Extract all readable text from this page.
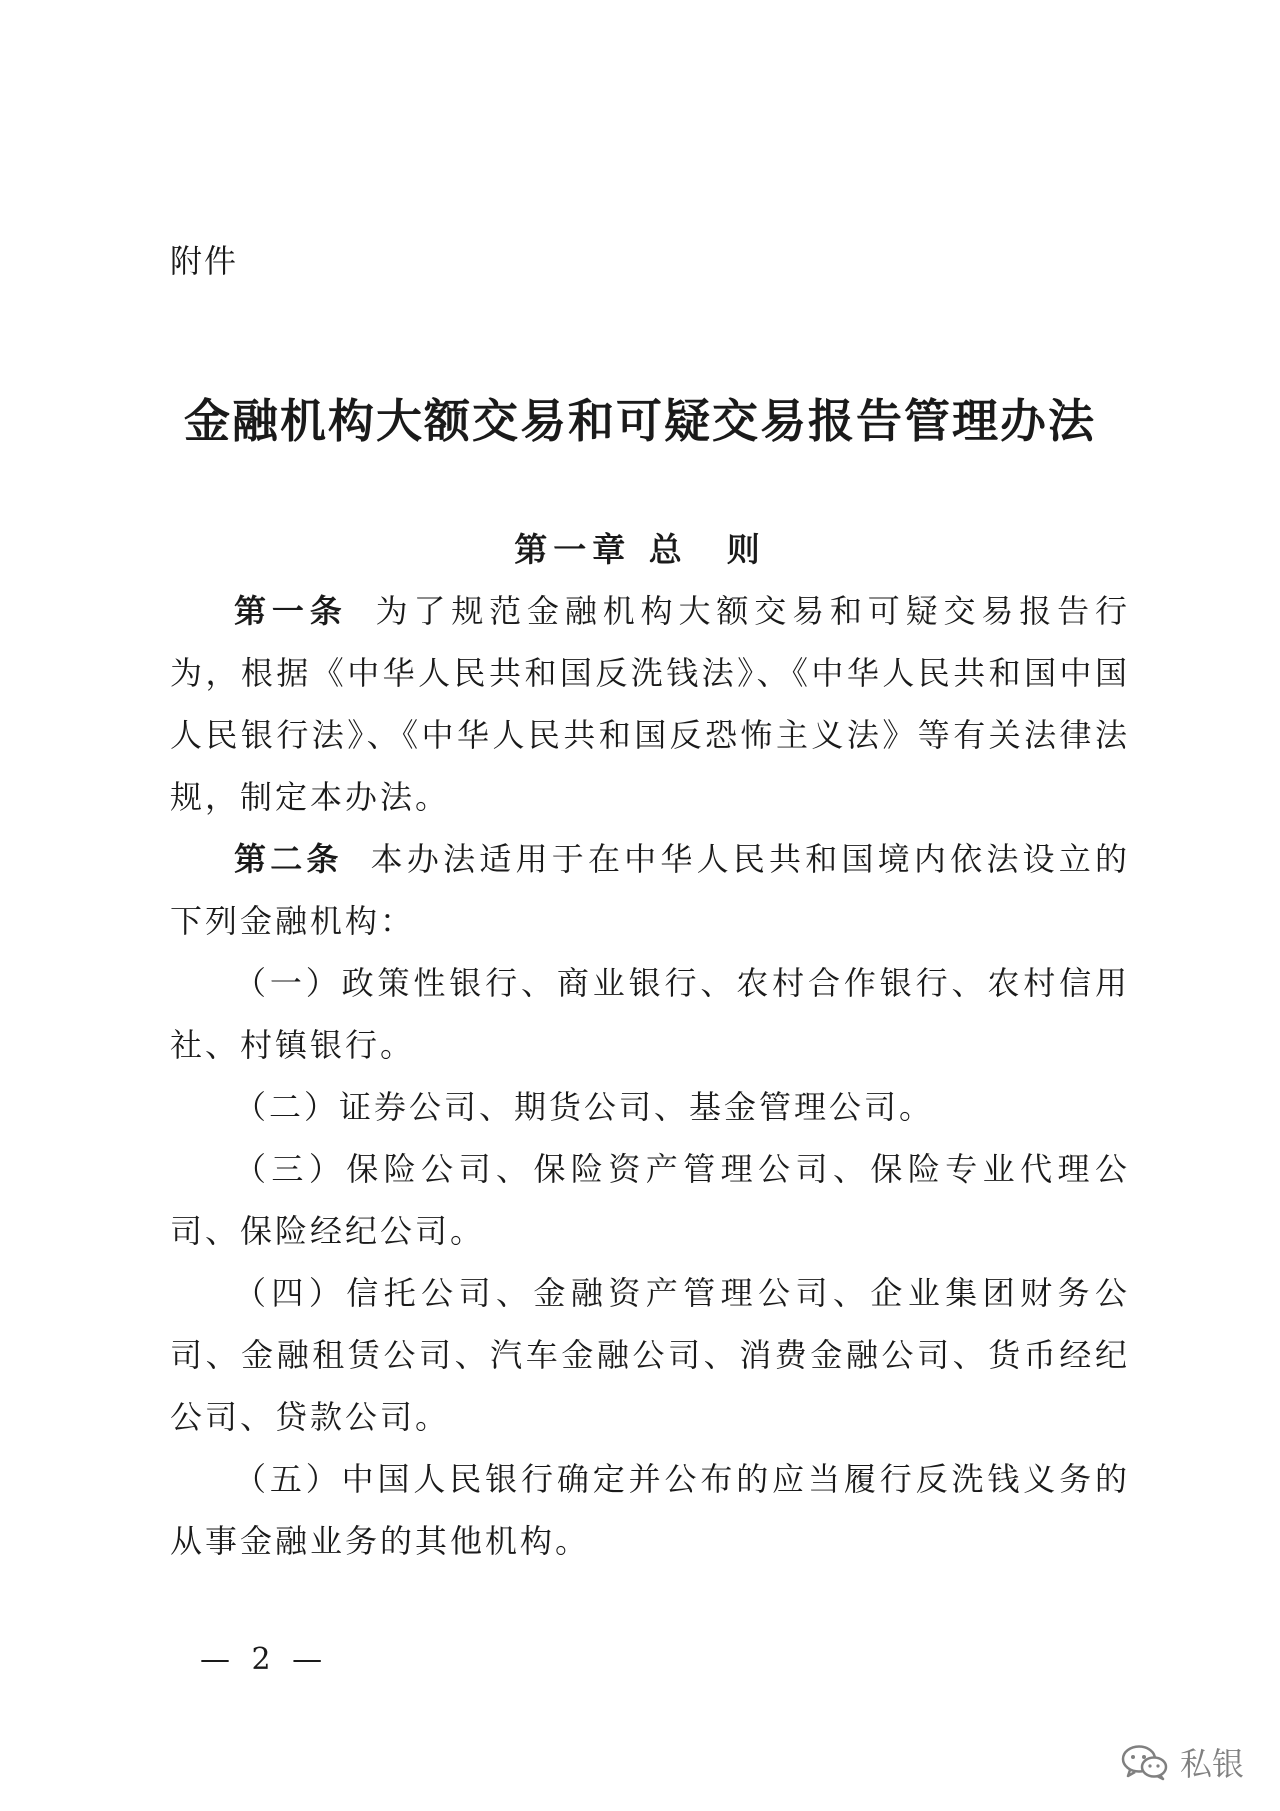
附件
金融机构大额交易和可疑交易报告管理办法
第一章 总　则

第一条 为了规范金融机构大额交易和可疑交易报告行为，根据《中华人民共和国反洗钱法》、《中华人民共和国中国人民银行法》、《中华人民共和国反恐怖主义法》等有关法律法规，制定本办法。

第二条 本办法适用于在中华人民共和国境内依法设立的下列金融机构：

（一）政策性银行、商业银行、农村合作银行、农村信用社、村镇银行。

（二）证券公司、期货公司、基金管理公司。

（三）保险公司、保险资产管理公司、保险专业代理公司、保险经纪公司。

（四）信托公司、金融资产管理公司、企业集团财务公司、金融租赁公司、汽车金融公司、消费金融公司、货币经纪公司、贷款公司。

（五）中国人民银行确定并公布的应当履行反洗钱义务的从事金融业务的其他机构。

— 2 —
私银
